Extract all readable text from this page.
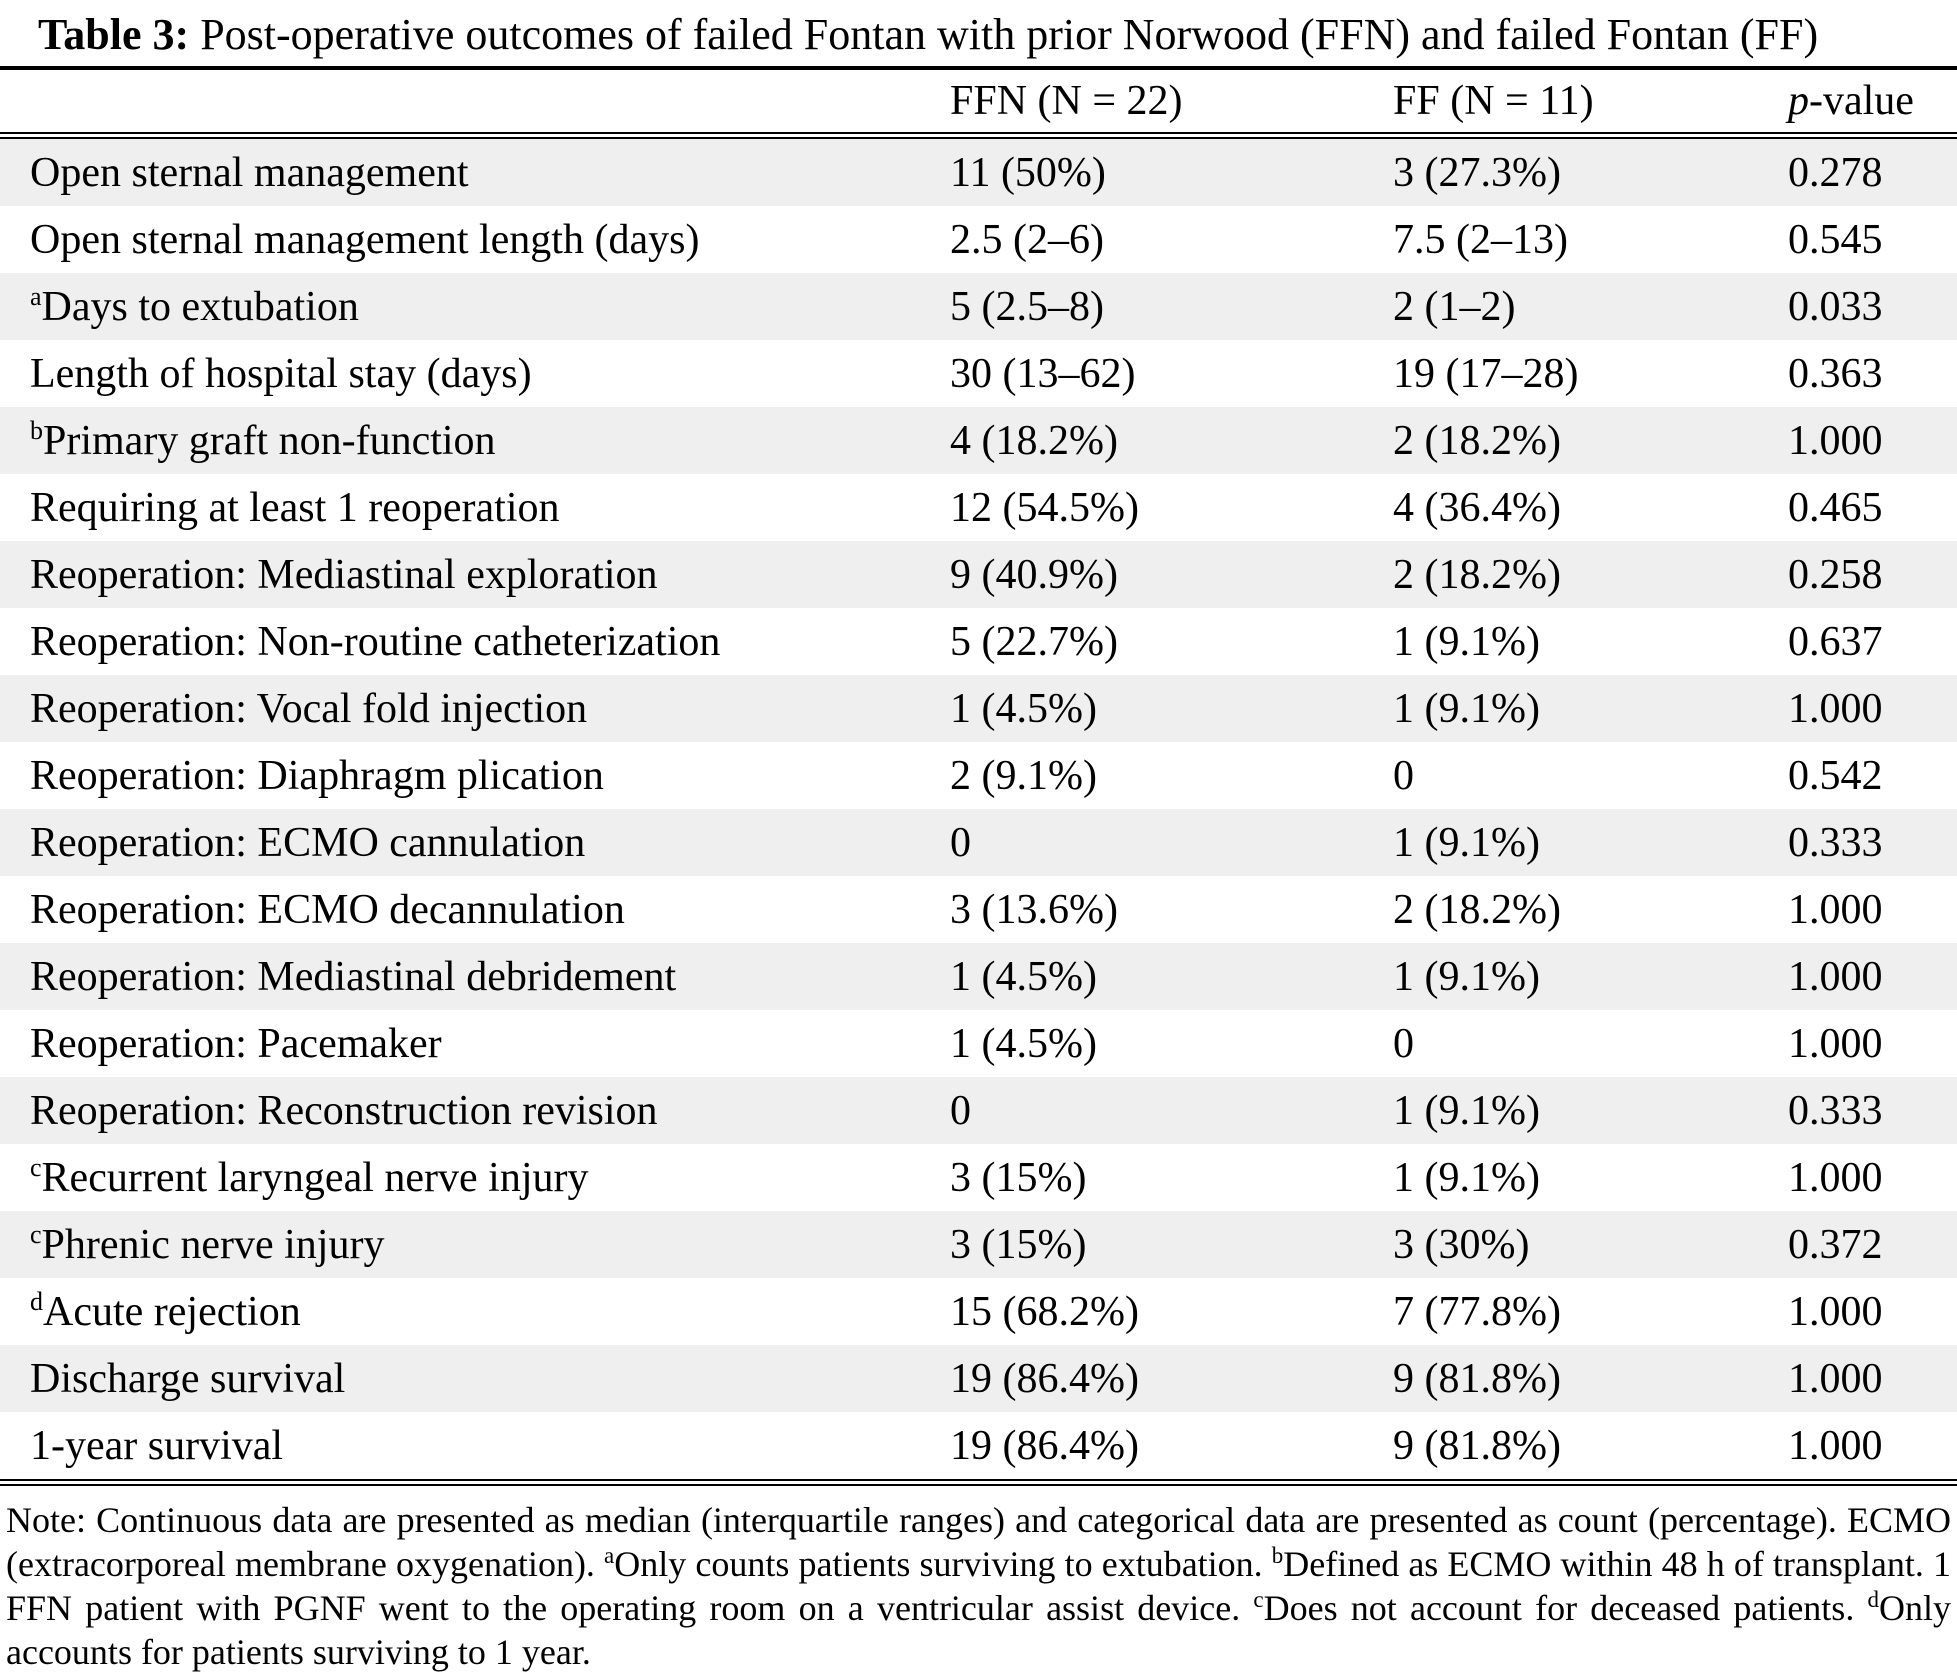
Table 3: Post-operative outcomes of failed Fontan with prior Norwood (FFN) and failed Fontan (FF)
	FFN (N = 22)	FF (N = 11)	p-value
Open sternal management	11 (50%)	3 (27.3%)	0.278
Open sternal management length (days)	2.5 (2–6)	7.5 (2–13)	0.545
$^a$Days to extubation	5 (2.5–8)	2 (1–2)	0.033
Length of hospital stay (days)	30 (13–62)	19 (17–28)	0.363
$^b$Primary graft non-function	4 (18.2%)	2 (18.2%)	1.000
Requiring at least 1 reoperation	12 (54.5%)	4 (36.4%)	0.465
Reoperation: Mediastinal exploration	9 (40.9%)	2 (18.2%)	0.258
Reoperation: Non-routine catheterization	5 (22.7%)	1 (9.1%)	0.637
Reoperation: Vocal fold injection	1 (4.5%)	1 (9.1%)	1.000
Reoperation: Diaphragm plication	2 (9.1%)	0	0.542
Reoperation: ECMO cannulation	0	1 (9.1%)	0.333
Reoperation: ECMO decannulation	3 (13.6%)	2 (18.2%)	1.000
Reoperation: Mediastinal debridement	1 (4.5%)	1 (9.1%)	1.000
Reoperation: Pacemaker	1 (4.5%)	0	1.000
Reoperation: Reconstruction revision	0	1 (9.1%)	0.333
$^c$Recurrent laryngeal nerve injury	3 (15%)	1 (9.1%)	1.000
$^c$Phrenic nerve injury	3 (15%)	3 (30%)	0.372
$^d$Acute rejection	15 (68.2%)	7 (77.8%)	1.000
Discharge survival	19 (86.4%)	9 (81.8%)	1.000
1-year survival	19 (86.4%)	9 (81.8%)	1.000
Note: Continuous data are presented as median (interquartile ranges) and categorical data are presented as count (percentage). ECMO (extracorporeal membrane oxygenation). $^a$Only counts patients surviving to extubation. $^b$Defined as ECMO within 48 h of transplant. 1 FFN patient with PGNF went to the operating room on a ventricular assist device. $^c$Does not account for deceased patients. $^d$Only accounts for patients surviving to 1 year.
